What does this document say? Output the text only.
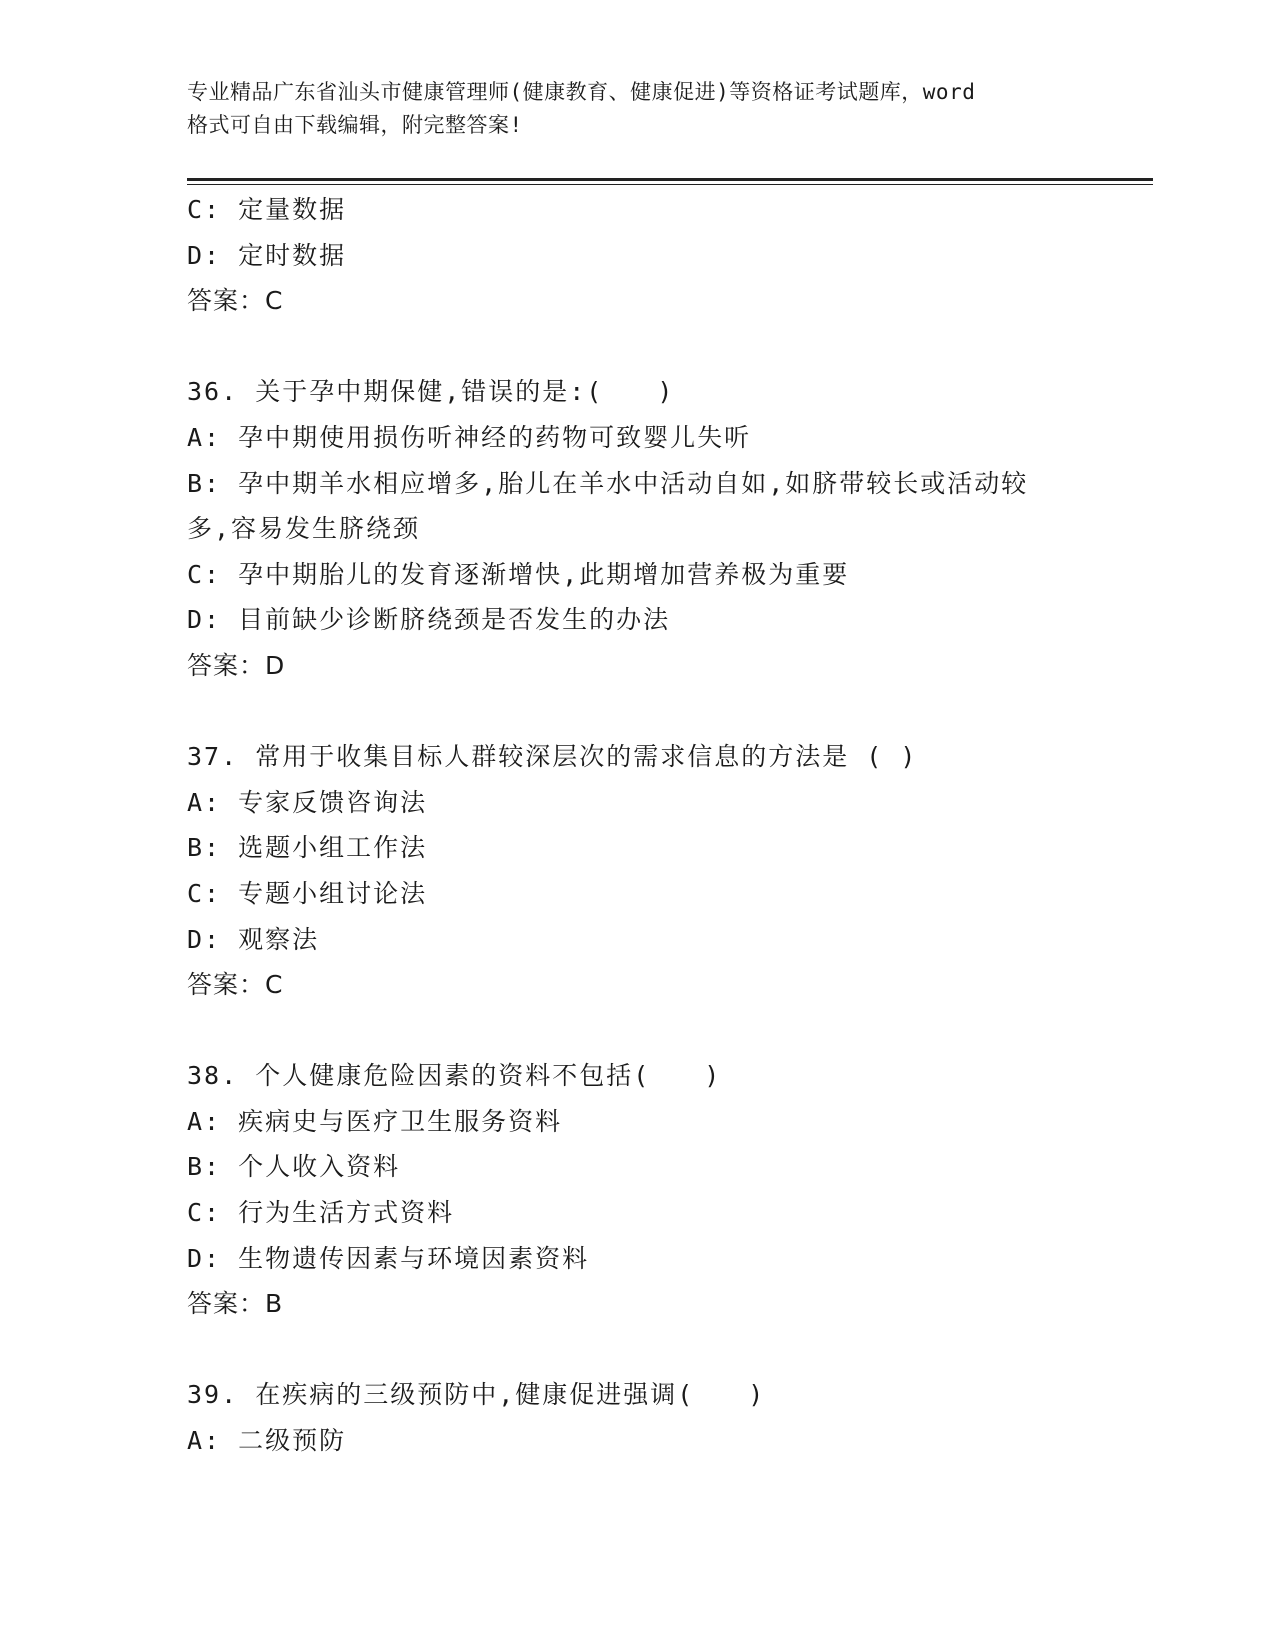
专业精品广东省汕头市健康管理师(健康教育、健康促进)等资格证考试题库，word
格式可自由下载编辑，附完整答案!
C: 定量数据
D: 定时数据
答案：C
36. 关于孕中期保健,错误的是:(　　)
A: 孕中期使用损伤听神经的药物可致婴儿失听
B: 孕中期羊水相应增多,胎儿在羊水中活动自如,如脐带较长或活动较
多,容易发生脐绕颈
C: 孕中期胎儿的发育逐渐增快,此期增加营养极为重要
D: 目前缺少诊断脐绕颈是否发生的办法
答案：D
37. 常用于收集目标人群较深层次的需求信息的方法是 ( )
A: 专家反馈咨询法
B: 选题小组工作法
C: 专题小组讨论法
D: 观察法
答案：C
38. 个人健康危险因素的资料不包括(　　)
A: 疾病史与医疗卫生服务资料
B: 个人收入资料
C: 行为生活方式资料
D: 生物遗传因素与环境因素资料
答案：B
39. 在疾病的三级预防中,健康促进强调(　　)
A: 二级预防
